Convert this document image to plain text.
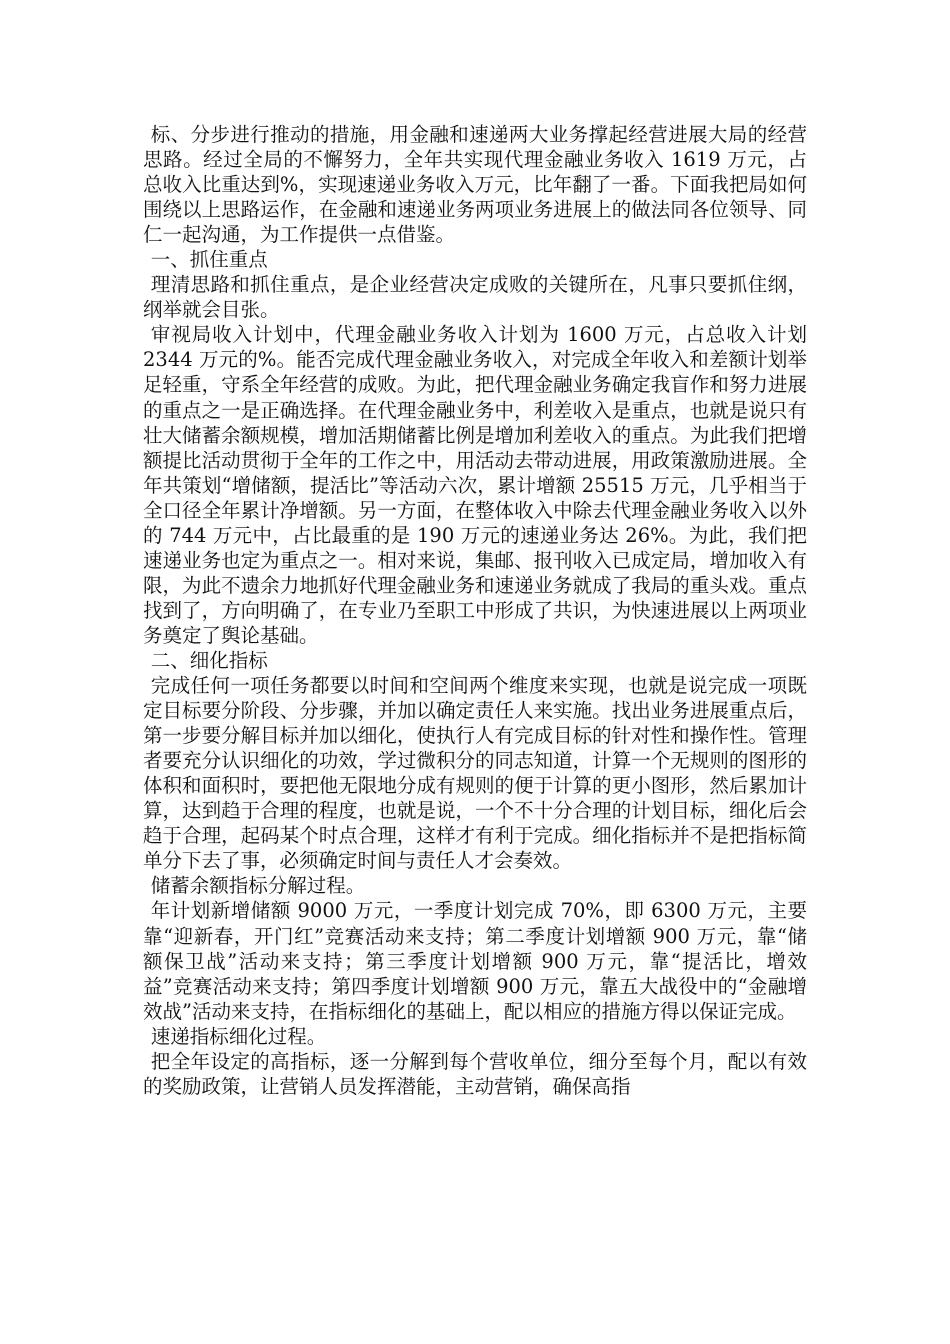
标、分步进行推动的措施，用金融和速递两大业务撑起经营进展大局的经营思路。经过全局的不懈努力，全年共实现代理金融业务收入 1619 万元，占总收入比重达到%，实现速递业务收入万元，比年翻了一番。下面我把局如何围绕以上思路运作，在金融和速递业务两项业务进展上的做法同各位领导、同仁一起沟通，为工作提供一点借鉴。

一、抓住重点

理清思路和抓住重点，是企业经营决定成败的关键所在，凡事只要抓住纲，纲举就会目张。

审视局收入计划中，代理金融业务收入计划为 1600 万元，占总收入计划 2344 万元的%。能否完成代理金融业务收入，对完成全年收入和差额计划举足轻重，守系全年经营的成败。为此，把代理金融业务确定我盲作和努力进展的重点之一是正确选择。在代理金融业务中，利差收入是重点，也就是说只有壮大储蓄余额规模，增加活期储蓄比例是增加利差收入的重点。为此我们把增额提比活动贯彻于全年的工作之中，用活动去带动进展，用政策激励进展。全年共策划“增储额，提活比”等活动六次，累计增额 25515 万元，几乎相当于全口径全年累计净增额。另一方面，在整体收入中除去代理金融业务收入以外的 744 万元中，占比最重的是 190 万元的速递业务达 26%。为此，我们把速递业务也定为重点之一。相对来说，集邮、报刊收入已成定局，增加收入有限，为此不遗余力地抓好代理金融业务和速递业务就成了我局的重头戏。重点找到了，方向明确了，在专业乃至职工中形成了共识，为快速进展以上两项业务奠定了舆论基础。

二、细化指标

完成任何一项任务都要以时间和空间两个维度来实现，也就是说完成一项既定目标要分阶段、分步骤，并加以确定责任人来实施。找出业务进展重点后，第一步要分解目标并加以细化，使执行人有完成目标的针对性和操作性。管理者要充分认识细化的功效，学过微积分的同志知道，计算一个无规则的图形的体积和面积时，要把他无限地分成有规则的便于计算的更小图形，然后累加计算，达到趋于合理的程度，也就是说，一个不十分合理的计划目标，细化后会趋于合理，起码某个时点合理，这样才有利于完成。细化指标并不是把指标简单分下去了事，必须确定时间与责任人才会奏效。

储蓄余额指标分解过程。

年计划新增储额 9000 万元，一季度计划完成 70%，即 6300 万元，主要靠“迎新春，开门红”竞赛活动来支持；第二季度计划增额 900 万元，靠“储额保卫战”活动来支持；第三季度计划增额 900 万元，靠“提活比，增效益”竞赛活动来支持；第四季度计划增额 900 万元，靠五大战役中的“金融增效战”活动来支持，在指标细化的基础上，配以相应的措施方得以保证完成。

速递指标细化过程。

把全年设定的高指标，逐一分解到每个营收单位，细分至每个月，配以有效的奖励政策，让营销人员发挥潜能，主动营销，确保高指
